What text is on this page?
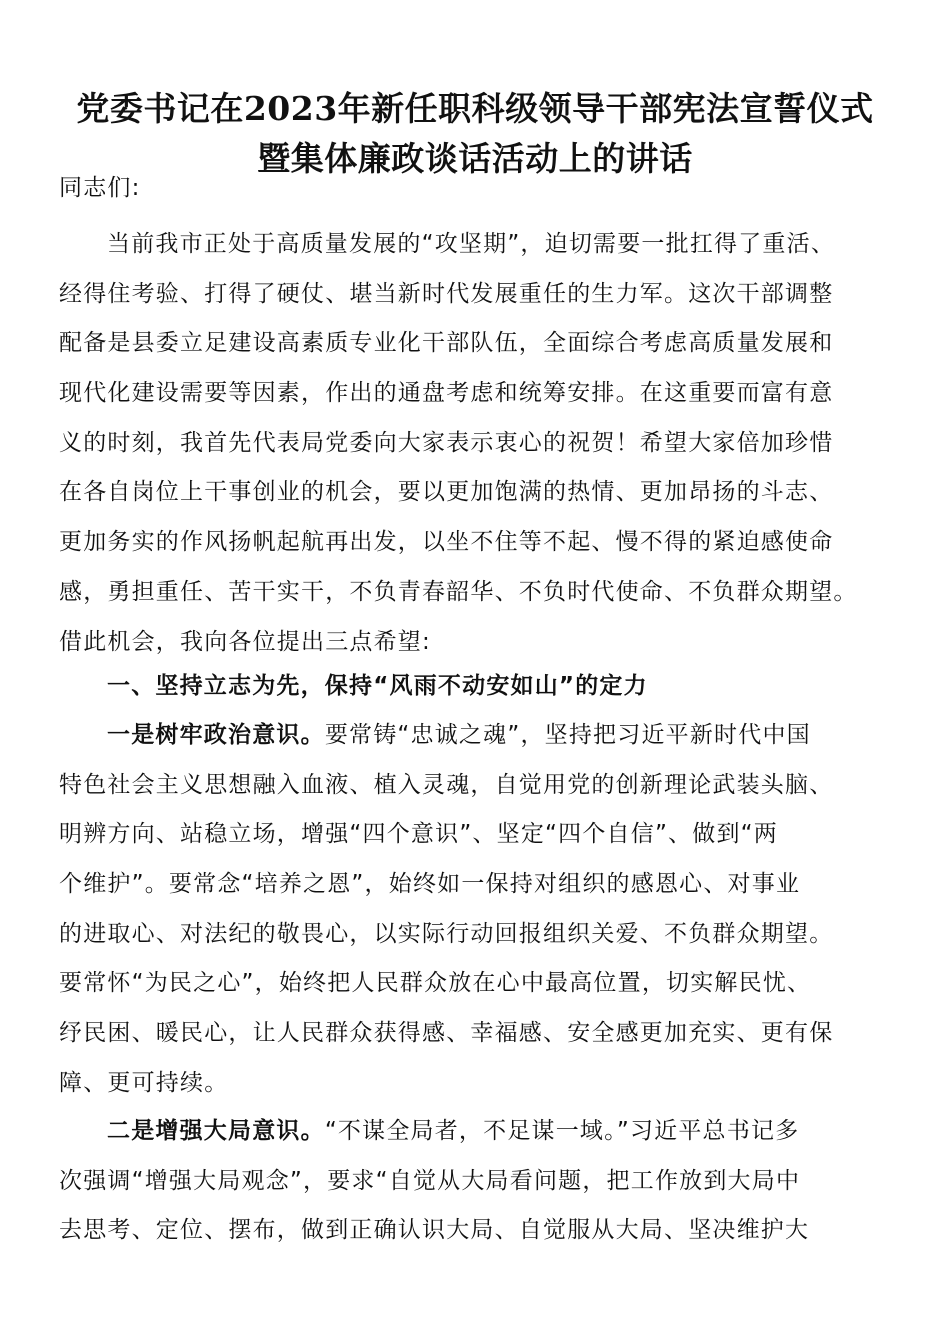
党委书记在2023年新任职科级领导干部宪法宣誓仪式
暨集体廉政谈话活动上的讲话

同志们:

当前我市正处于高质量发展的“攻坚期”，迫切需要一批扛得了重活、
经得住考验、打得了硬仗、堪当新时代发展重任的生力军。这次干部调整
配备是县委立足建设高素质专业化干部队伍，全面综合考虑高质量发展和
现代化建设需要等因素，作出的通盘考虑和统筹安排。在这重要而富有意
义的时刻，我首先代表局党委向大家表示衷心的祝贺！希望大家倍加珍惜
在各自岗位上干事创业的机会，要以更加饱满的热情、更加昂扬的斗志、
更加务实的作风扬帆起航再出发，以坐不住等不起、慢不得的紧迫感使命
感，勇担重任、苦干实干，不负青春韶华、不负时代使命、不负群众期望。
借此机会，我向各位提出三点希望:
一、坚持立志为先，保持“风雨不动安如山”的定力
一是树牢政治意识。要常铸“忠诚之魂”，坚持把习近平新时代中国
特色社会主义思想融入血液、植入灵魂，自觉用党的创新理论武装头脑、
明辨方向、站稳立场，增强“四个意识”、坚定“四个自信”、做到“两
个维护”。要常念“培养之恩”，始终如一保持对组织的感恩心、对事业
的进取心、对法纪的敬畏心，以实际行动回报组织关爱、不负群众期望。
要常怀“为民之心”，始终把人民群众放在心中最高位置，切实解民忧、
纾民困、暖民心，让人民群众获得感、幸福感、安全感更加充实、更有保
障、更可持续。
二是增强大局意识。“不谋全局者，不足谋一域。”习近平总书记多
次强调“增强大局观念”，要求“自觉从大局看问题，把工作放到大局中
去思考、定位、摆布，做到正确认识大局、自觉服从大局、坚决维护大
